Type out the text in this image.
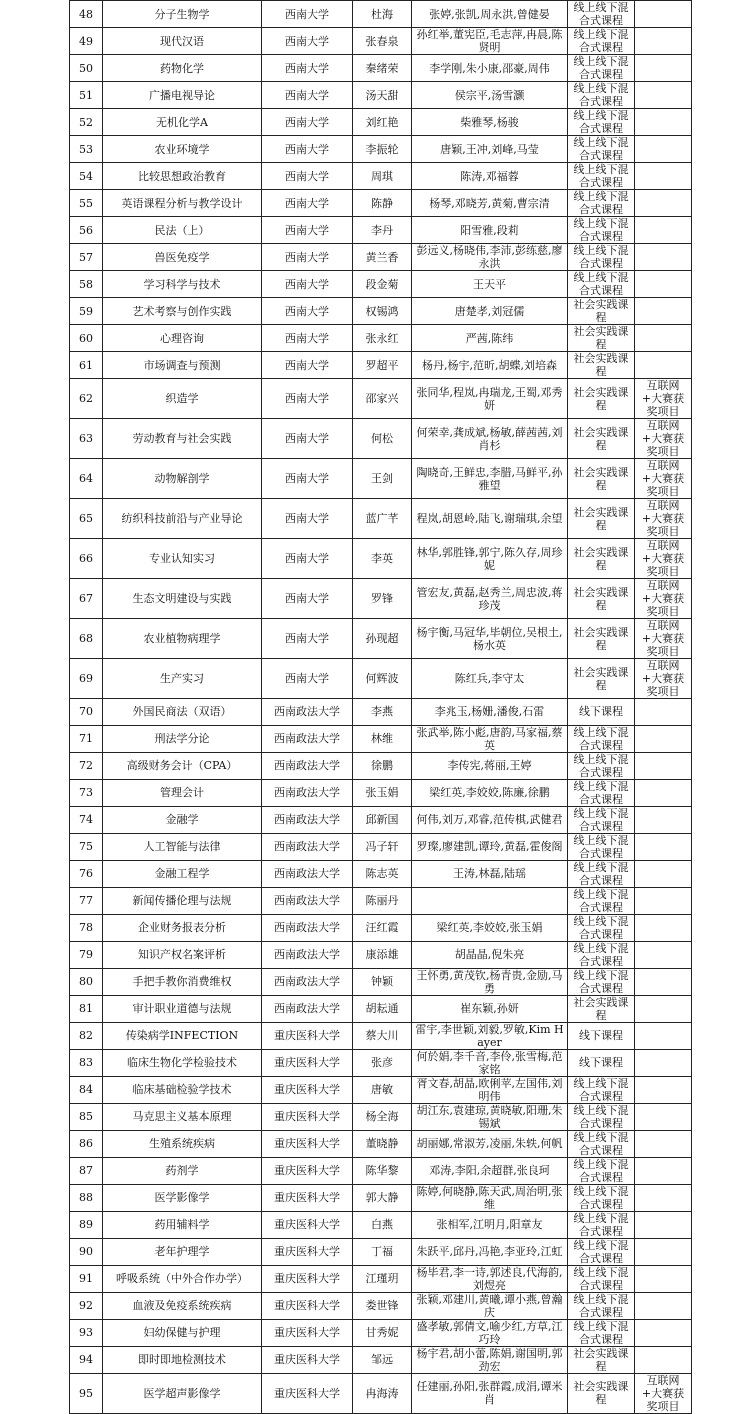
48	分子生物学	西南大学	杜海	张婷,张凯,周永洪,曾健晏	线上线下混合式课程	
49	现代汉语	西南大学	张春泉	孙红举,董宪臣,毛志萍,冉晨,陈贤明	线上线下混合式课程	
50	药物化学	西南大学	秦绪荣	李学刚,朱小康,邵豪,周伟	线上线下混合式课程	
51	广播电视导论	西南大学	汤天甜	侯宗平,汤雪灏	线上线下混合式课程	
52	无机化学A	西南大学	刘红艳	柴雅琴,杨骏	线上线下混合式课程	
53	农业环境学	西南大学	李振轮	唐颖,王冲,刘峰,马莹	线上线下混合式课程	
54	比较思想政治教育	西南大学	周琪	陈涛,邓福蓉	线上线下混合式课程	
55	英语课程分析与教学设计	西南大学	陈静	杨琴,邓晓芳,黄菊,曹宗清	线上线下混合式课程	
56	民法（上）	西南大学	李丹	阳雪雅,段莉	线上线下混合式课程	
57	兽医免疫学	西南大学	黄兰香	彭远义,杨晓伟,李沛,彭练慈,廖永洪	线上线下混合式课程	
58	学习科学与技术	西南大学	段金菊	王天平	线上线下混合式课程	
59	艺术考察与创作实践	西南大学	权锡鸿	唐楚孝,刘冠儒	社会实践课程	
60	心理咨询	西南大学	张永红	严茜,陈纬	社会实践课程	
61	市场调查与预测	西南大学	罗超平	杨丹,杨宇,范昕,胡蝶,刘培森	社会实践课程	
62	织造学	西南大学	邵家兴	张同华,程岚,冉瑞龙,王蜀,邓秀妍	社会实践课程	互联网+大赛获奖项目
63	劳动教育与社会实践	西南大学	何松	何荣幸,龚成斌,杨敏,薛茜茜,刘肖杉	社会实践课程	互联网+大赛获奖项目
64	动物解剖学	西南大学	王剑	陶晓奇,王鲜忠,李腊,马鲜平,孙雅望	社会实践课程	互联网+大赛获奖项目
65	纺织科技前沿与产业导论	西南大学	蓝广芊	程岚,胡恩岭,陆飞,谢瑞琪,余望	社会实践课程	互联网+大赛获奖项目
66	专业认知实习	西南大学	李英	林华,郭胜锋,郭宁,陈久存,周珍妮	社会实践课程	互联网+大赛获奖项目
67	生态文明建设与实践	西南大学	罗锋	管宏友,黄磊,赵秀兰,周忠波,蒋珍茂	社会实践课程	互联网+大赛获奖项目
68	农业植物病理学	西南大学	孙现超	杨宇衡,马冠华,毕朝位,吴根土,杨水英	社会实践课程	互联网+大赛获奖项目
69	生产实习	西南大学	何辉波	陈红兵,李守太	社会实践课程	互联网+大赛获奖项目
70	外国民商法（双语）	西南政法大学	李燕	李兆玉,杨姗,潘俊,石雷	线下课程	
71	刑法学分论	西南政法大学	林维	张武举,陈小彪,唐韵,马家福,蔡英	线上线下混合式课程	
72	高级财务会计（CPA）	西南政法大学	徐鹏	李传宪,蒋丽,王婷	线上线下混合式课程	
73	管理会计	西南政法大学	张玉娟	梁红英,李姣姣,陈廉,徐鹏	线上线下混合式课程	
74	金融学	西南政法大学	邱新国	何伟,刘万,邓睿,范传棋,武健君	线上线下混合式课程	
75	人工智能与法律	西南政法大学	冯子轩	罗璨,廖建凯,谭玲,黄磊,霍俊阁	线上线下混合式课程	
76	金融工程学	西南政法大学	陈志英	王涛,林磊,陆瑶	线上线下混合式课程	
77	新闻传播伦理与法规	西南政法大学	陈丽丹		线上线下混合式课程	
78	企业财务报表分析	西南政法大学	汪红霞	梁红英,李姣姣,张玉娟	线上线下混合式课程	
79	知识产权名案评析	西南政法大学	康添雄	胡晶晶,倪朱亮	线上线下混合式课程	
80	手把手教你消费维权	西南政法大学	钟颖	王怀勇,黄茂钦,杨青贵,金励,马勇	线上线下混合式课程	
81	审计职业道德与法规	西南政法大学	胡耘通	崔东颖,孙妍	社会实践课程	
82	传染病学INFECTION	重庆医科大学	蔡大川	雷宇,李世颖,刘毅,罗敏,Kim Hayer	线下课程	
83	临床生物化学检验技术	重庆医科大学	张彦	何於娟,李千音,李伶,张雪梅,范家铭	线下课程	
84	临床基础检验学技术	重庆医科大学	唐敏	胥文春,胡晶,欧俐苹,左国伟,刘明伟	线上线下混合式课程	
85	马克思主义基本原理	重庆医科大学	杨全海	胡江东,袁建琼,黄晓敏,阳珊,朱锡斌	线上线下混合式课程	
86	生殖系统疾病	重庆医科大学	董晓静	胡丽娜,常淑芳,凌丽,朱轶,何帆	线上线下混合式课程	
87	药剂学	重庆医科大学	陈华黎	邓涛,李阳,余超群,张良珂	线上线下混合式课程	
88	医学影像学	重庆医科大学	郭大静	陈婷,何晓静,陈天武,周治明,张维	线上线下混合式课程	
89	药用辅料学	重庆医科大学	白燕	张相军,江明月,阳章友	线上线下混合式课程	
90	老年护理学	重庆医科大学	丁福	朱跃平,邱丹,冯艳,李亚玲,江虹	线上线下混合式课程	
91	呼吸系统（中外合作办学）	重庆医科大学	江瑾玥	杨毕君,李一诗,郭述良,代海韵,刘煜亮	线上线下混合式课程	
92	血液及免疫系统疾病	重庆医科大学	娄世锋	张颖,邓建川,黄曦,谭小燕,曾瀚庆	线上线下混合式课程	
93	妇幼保健与护理	重庆医科大学	甘秀妮	盛孝敏,郭倩文,喻少红,方草,江巧玲	线上线下混合式课程	
94	即时即地检测技术	重庆医科大学	邹远	杨宇君,胡小蕾,陈娟,谢国明,郭劲宏	社会实践课程	
95	医学超声影像学	重庆医科大学	冉海涛	任建丽,孙阳,张群霞,成涓,谭米肖	社会实践课程	互联网+大赛获奖项目
